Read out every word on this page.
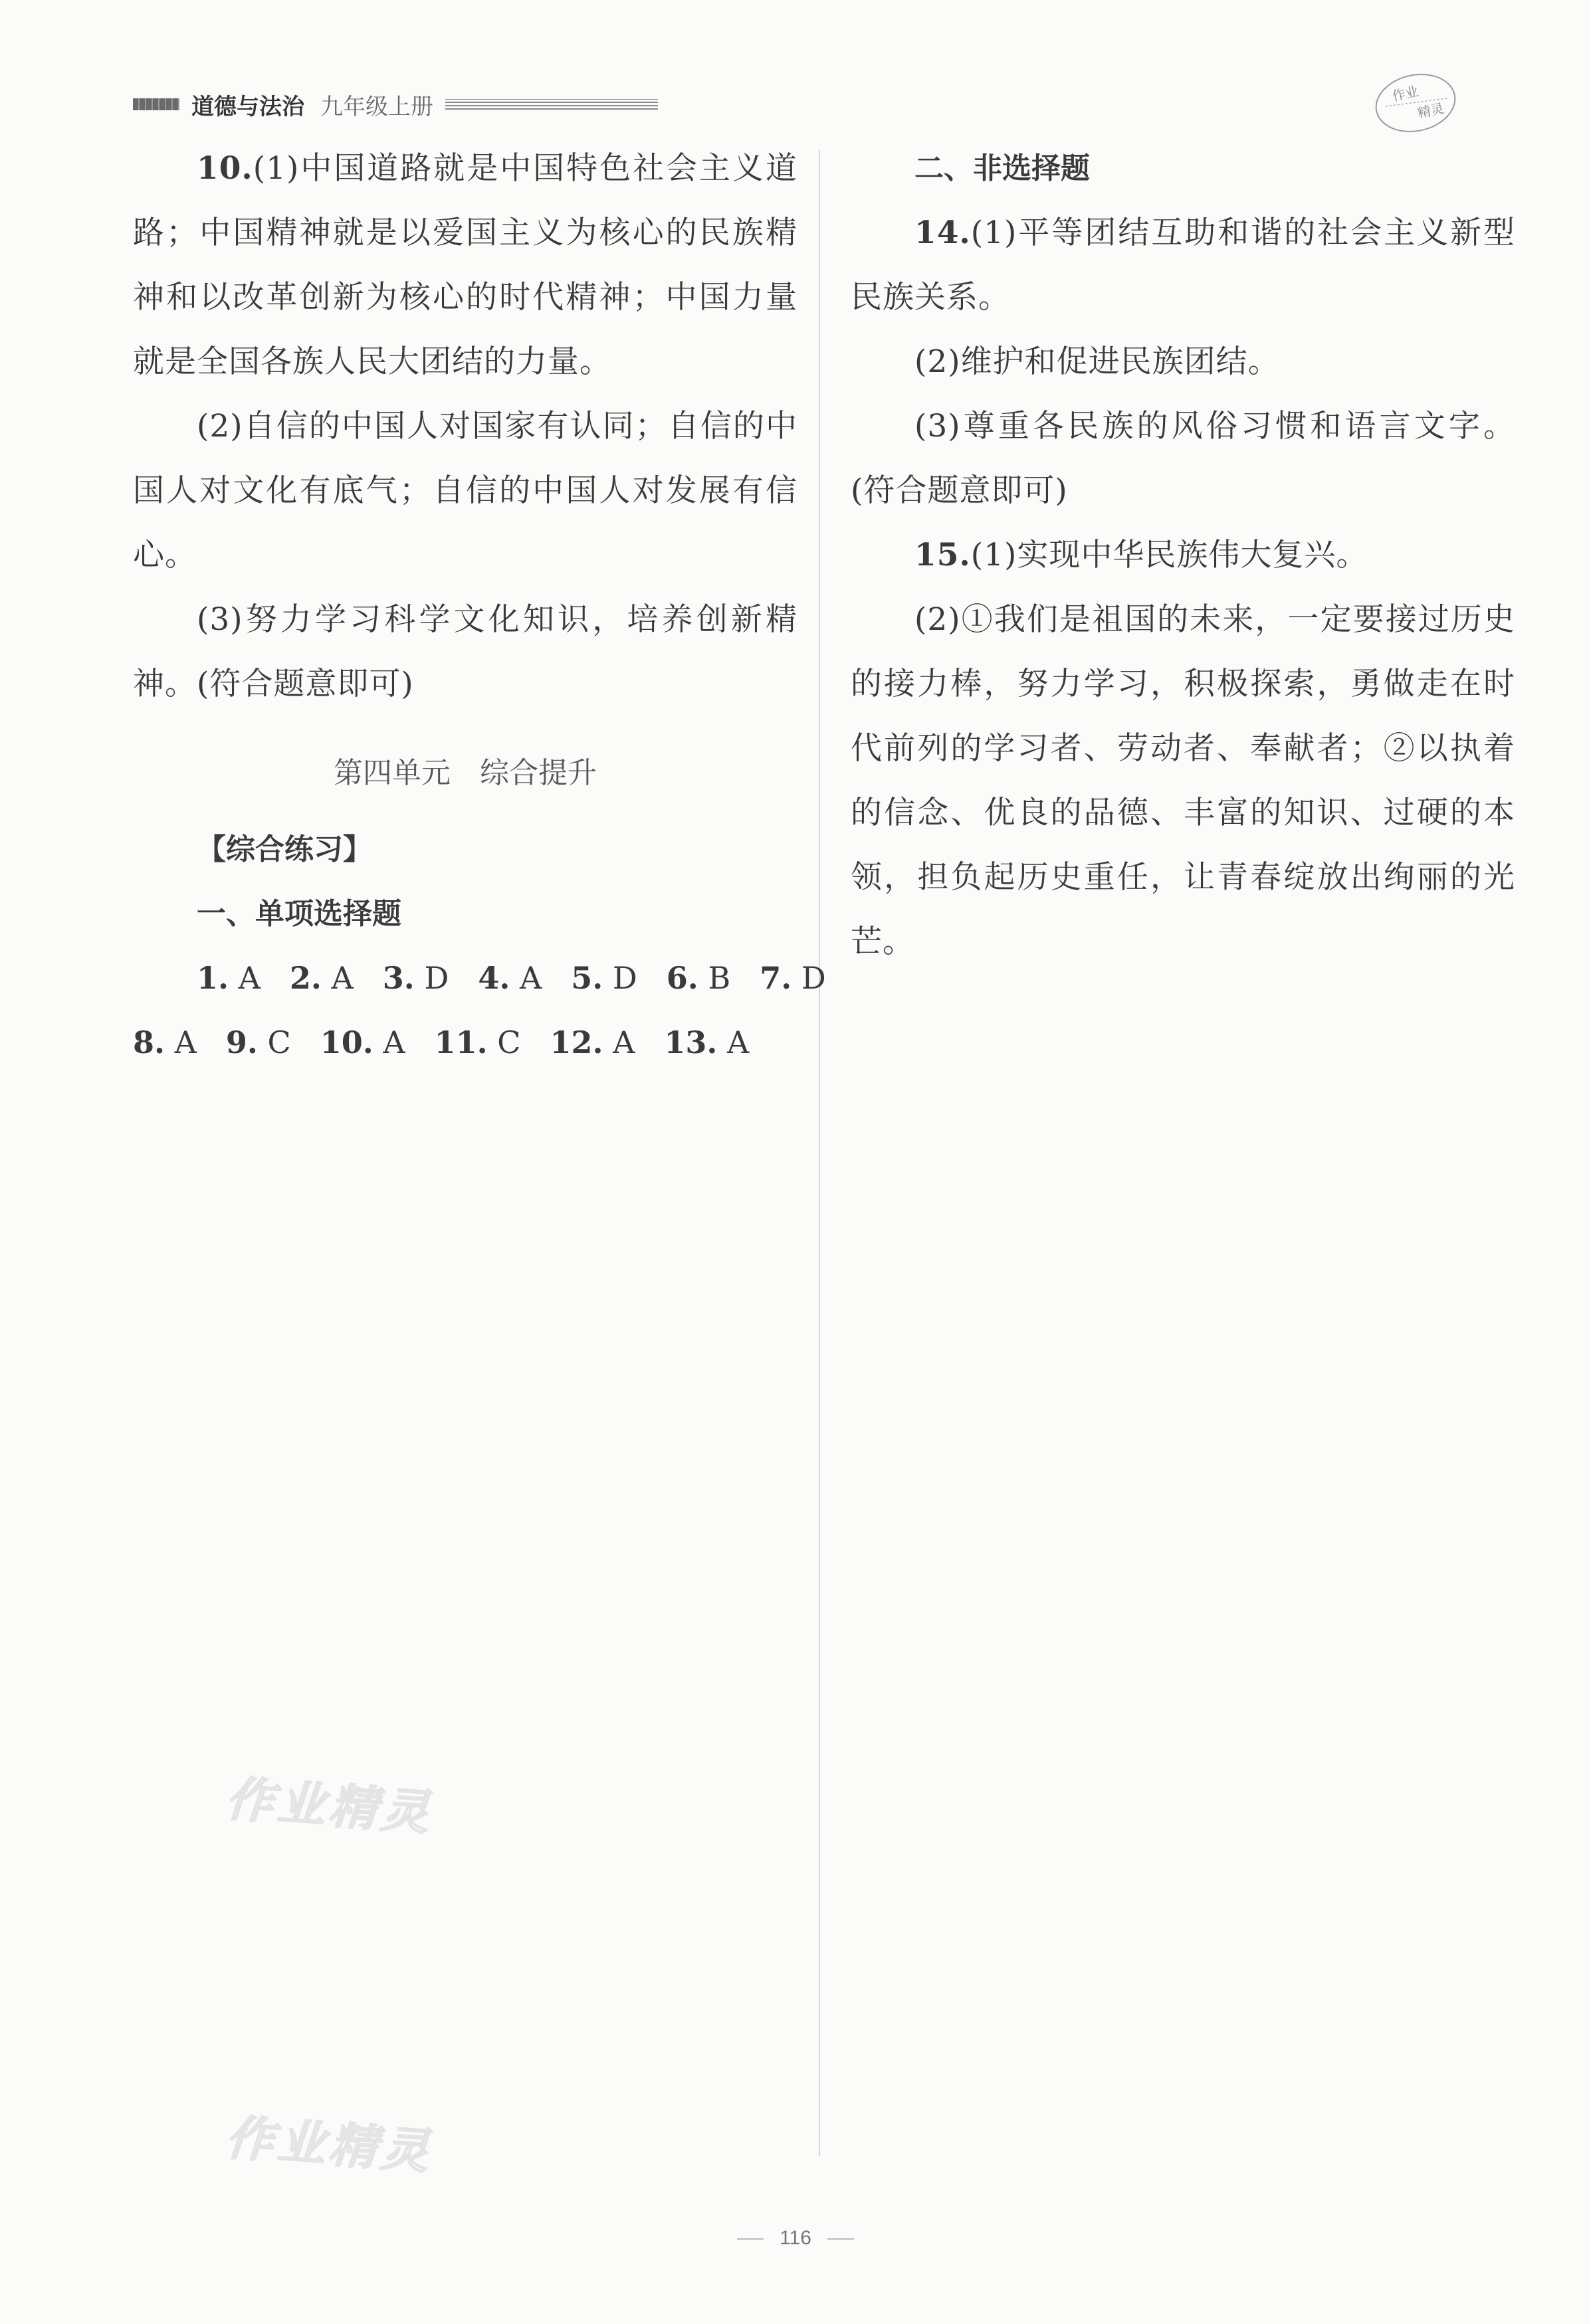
道德与法治 九年级上册	作业
精灵

10.(1)中国道路就是中国特色社会主义道路；中国精神就是以爱国主义为核心的民族精神和以改革创新为核心的时代精神；中国力量就是全国各族人民大团结的力量。

(2)自信的中国人对国家有认同；自信的中国人对文化有底气；自信的中国人对发展有信心。

(3)努力学习科学文化知识，培养创新精神。(符合题意即可)

第四单元 综合提升

【综合练习】

一、单项选择题

1. A 2. A 3. D 4. A 5. D 6. B 7. D

8. A 9. C 10. A 11. C 12. A 13. A

二、非选择题

14.(1)平等团结互助和谐的社会主义新型民族关系。

(2)维护和促进民族团结。

(3)尊重各民族的风俗习惯和语言文字。(符合题意即可)

15.(1)实现中华民族伟大复兴。

(2)①我们是祖国的未来，一定要接过历史的接力棒，努力学习，积极探索，勇做走在时代前列的学习者、劳动者、奉献者；②以执着的信念、优良的品德、丰富的知识、过硬的本领，担负起历史重任，让青春绽放出绚丽的光芒。

作业精灵
作业精灵
116
